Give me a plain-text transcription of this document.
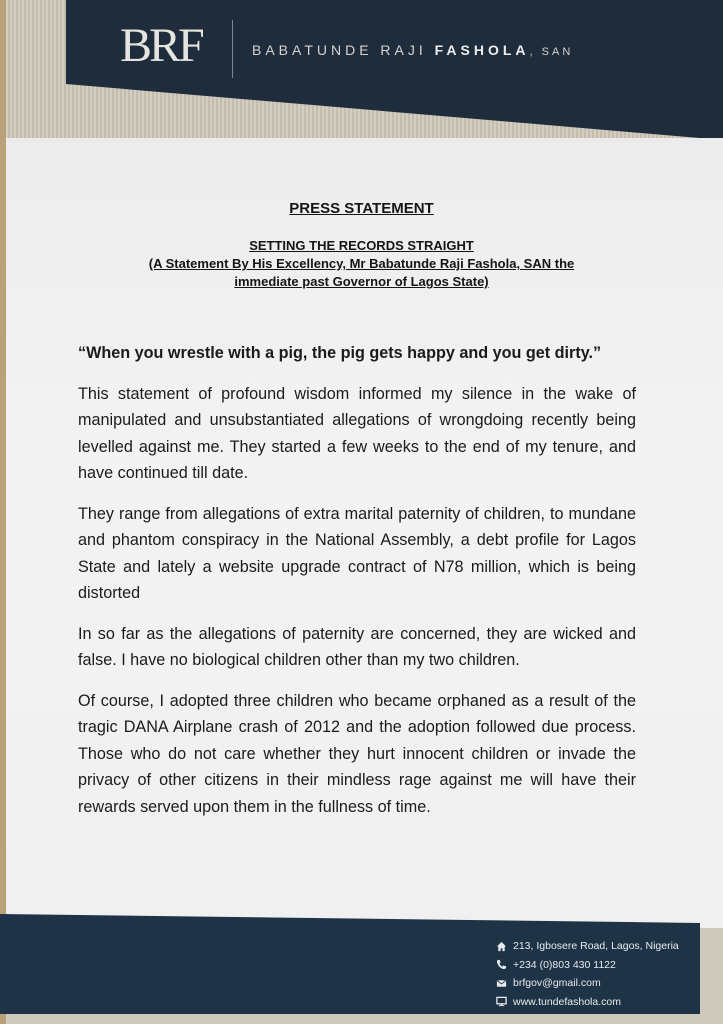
BRF	BABATUNDE RAJI FASHOLA, SAN
PRESS STATEMENT
SETTING THE RECORDS STRAIGHT
(A Statement By His Excellency, Mr Babatunde Raji Fashola, SAN the
immediate past Governor of Lagos State)

“When you wrestle with a pig, the pig gets happy and you get dirty.”

This statement of profound wisdom informed my silence in the wake of manipulated and unsubstantiated allegations of wrongdoing recently being levelled against me. They started a few weeks to the end of my tenure, and have continued till date.

They range from allegations of extra marital paternity of children, to mundane and phantom conspiracy in the National Assembly, a debt profile for Lagos State and lately a website upgrade contract of N78 million, which is being distorted

In so far as the allegations of paternity are concerned, they are wicked and false. I have no biological children other than my two children.

Of course, I adopted three children who became orphaned as a result of the tragic DANA Airplane crash of 2012 and the adoption followed due process. Those who do not care whether they hurt innocent children or invade the privacy of other citizens in their mindless rage against me will have their rewards served upon them in the fullness of time.

213, Igbosere Road, Lagos, Nigeria
+234 (0)803 430 1122
brfgov@gmail.com
www.tundefashola.com
